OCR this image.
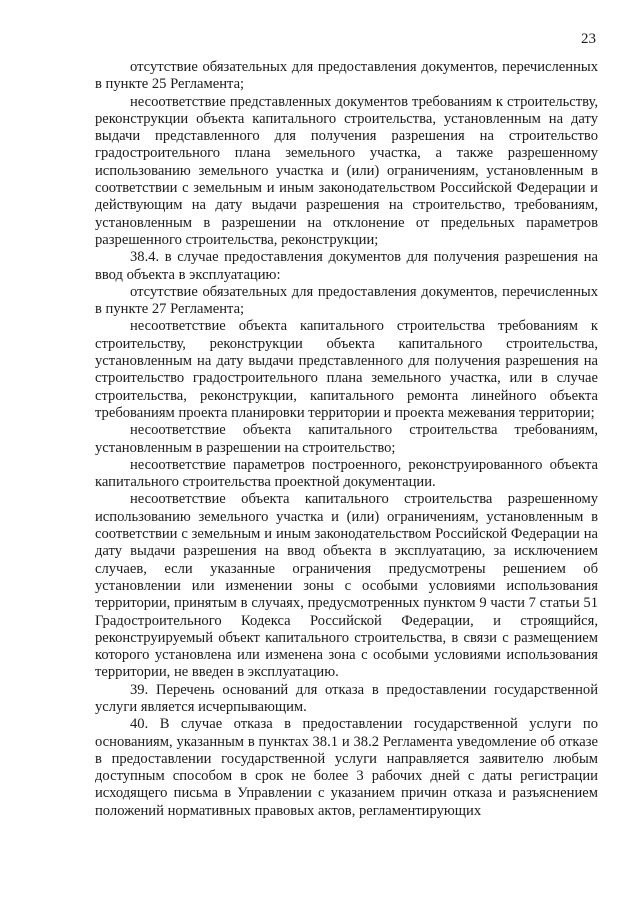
23

отсутствие обязательных для предоставления документов, перечисленных в пункте 25 Регламента;

несоответствие представленных документов требованиям к строительству, реконструкции объекта капитального строительства, установленным на дату выдачи представленного для получения разрешения на строительство градостроительного плана земельного участка, а также разрешенному использованию земельного участка и (или) ограничениям, установленным в соответствии с земельным и иным законодательством Российской Федерации и действующим на дату выдачи разрешения на строительство, требованиям, установленным в разрешении на отклонение от предельных параметров разрешенного строительства, реконструкции;

38.4. в случае предоставления документов для получения разрешения на ввод объекта в эксплуатацию:

отсутствие обязательных для предоставления документов, перечисленных в пункте 27 Регламента;

несоответствие объекта капитального строительства требованиям к строительству, реконструкции объекта капитального строительства, установленным на дату выдачи представленного для получения разрешения на строительство градостроительного плана земельного участка, или в случае строительства, реконструкции, капитального ремонта линейного объекта требованиям проекта планировки территории и проекта межевания территории;

несоответствие объекта капитального строительства требованиям, установленным в разрешении на строительство;

несоответствие параметров построенного, реконструированного объекта капитального строительства проектной документации.

несоответствие объекта капитального строительства разрешенному использованию земельного участка и (или) ограничениям, установленным в соответствии с земельным и иным законодательством Российской Федерации на дату выдачи разрешения на ввод объекта в эксплуатацию, за исключением случаев, если указанные ограничения предусмотрены решением об установлении или изменении зоны с особыми условиями использования территории, принятым в случаях, предусмотренных пунктом 9 части 7 статьи 51 Градостроительного Кодекса Российской Федерации, и строящийся, реконструируемый объект капитального строительства, в связи с размещением которого установлена или изменена зона с особыми условиями использования территории, не введен в эксплуатацию.

39. Перечень оснований для отказа в предоставлении государственной услуги является исчерпывающим.

40. В случае отказа в предоставлении государственной услуги по основаниям, указанным в пунктах 38.1 и 38.2 Регламента уведомление об отказе в предоставлении государственной услуги направляется заявителю любым доступным способом в срок не более 3 рабочих дней с даты регистрации исходящего письма в Управлении с указанием причин отказа и разъяснением положений нормативных правовых актов, регламентирующих
